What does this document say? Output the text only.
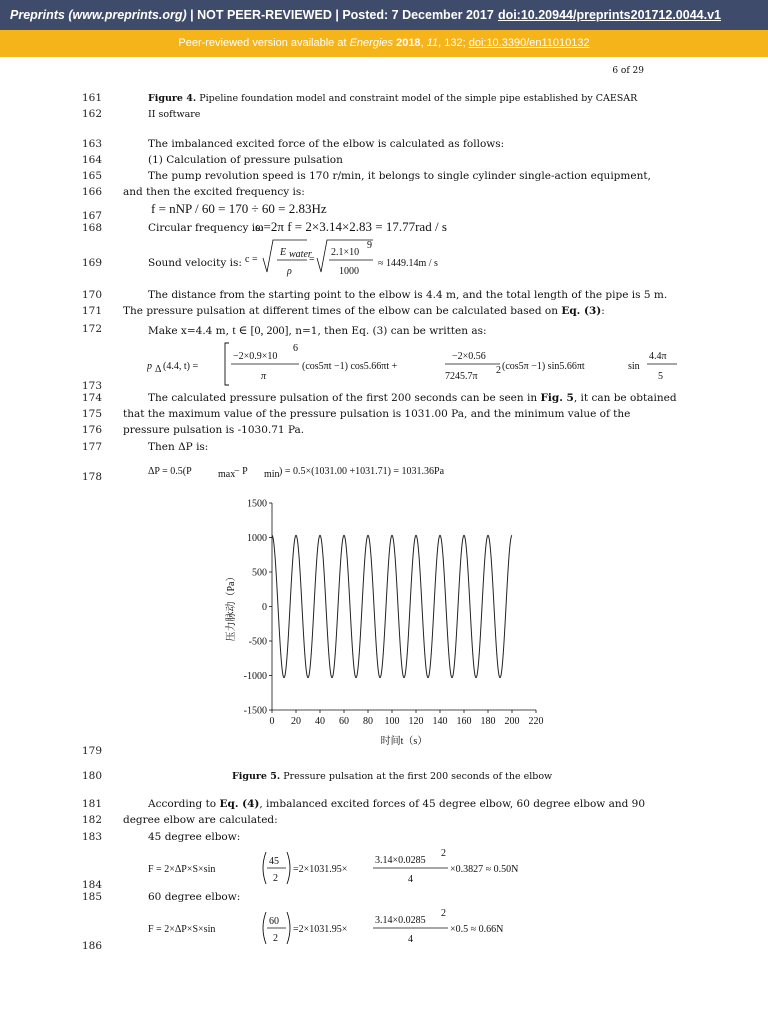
Preprints (www.preprints.org) | NOT PEER-REVIEWED | Posted: 7 December 2017 doi:10.20944/preprints201712.0044.v1
Peer-reviewed version available at Energies 2018, 11, 132; doi:10.3390/en11010132
6 of 29
161
162
163
164
165
166
167
168
169
170
171
172
173
174
175
176
177
178
179
180
181
182
183
184
185
186
Figure 4. Pipeline foundation model and constraint model of the simple pipe established by CAESAR
II software
The imbalanced excited force of the elbow is calculated as follows:
(1) Calculation of pressure pulsation
The pump revolution speed is 170 r/min, it belongs to single cylinder single-action equipment,
and then the excited frequency is:
f = nNP / 60 = 170 ÷ 60 = 2.83Hz
Circular frequency is:
ω=2π f = 2×3.14×2.83 = 17.77rad / s
Sound velocity is: c =
E water
ρ
=
2.1×10
9
1000
≈ 1449.14m / s
The distance from the starting point to the elbow is 4.4 m, and the total length of the pipe is 5 m.
The pressure pulsation at different times of the elbow can be calculated based on Eq. (3):
Make x=4.4 m, t ∈ [0, 200], n=1, then Eq. (3) can be written as:
p Δ (4.4, t) =
−2×0.9×10
6
π
(cos5πt −1) cos5.66πt +
−2×0.56
7245.7π
2 (cos5π −1) sin5.66πt	sin
4.4π
5
The calculated pressure pulsation of the first 200 seconds can be seen in Fig. 5, it can be obtained
that the maximum value of the pressure pulsation is 1031.00 Pa, and the minimum value of the
pressure pulsation is -1030.71 Pa.
Then ΔP is:
ΔP = 0.5(P	max
− P min ) = 0.5×(1031.00 +1031.71) = 1031.36Pa
0 20 40 60 80 100 120 140 160 180 200 220
1500
1000
500
0
-500
-1000
-1500
时间t（s）
压力脉动（Pa）
Figure 5. Pressure pulsation at the first 200 seconds of the elbow
According to Eq. (4), imbalanced excited forces of 45 degree elbow, 60 degree elbow and 90
degree elbow are calculated:
45 degree elbow:
F = 2×ΔP×S×sin
45
2
=2×1031.95×
3.14×0.0285
2
4
×0.3827 ≈ 0.50N
60 degree elbow:
F = 2×ΔP×S×sin
60
2
=2×1031.95×
3.14×0.0285
2
4
×0.5 ≈ 0.66N
